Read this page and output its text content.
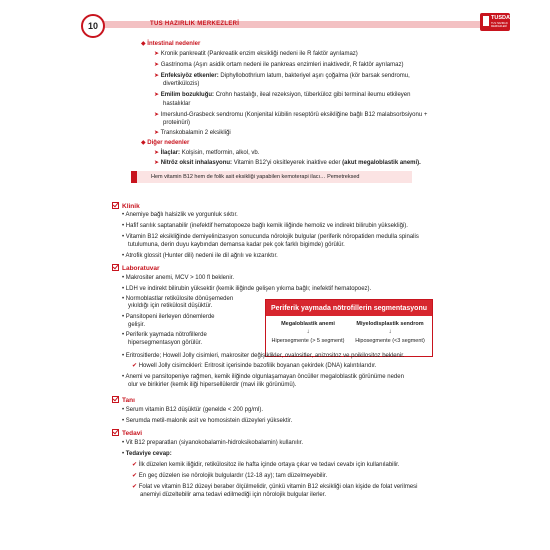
10	TUS HAZIRLIK MERKEZLERİ
TUSDATA
TUS HAZIRLIK MERKEZLERİ
◆ İntestinal nedenler
➤ Kronik pankreatit (Pankreatik enzim eksikliği nedeni ile R faktör ayrılamaz)
➤ Gastrinoma (Aşırı asidik ortam nedeni ile pankreas enzimleri inaktivedir, R faktör ayrılamaz)
➤ Enfeksiyöz etkenler: Diphyllobothrium latum, bakteriyel aşırı çoğalma (kör barsak sendromu,
divertikülozis)
➤ Emilim bozukluğu: Crohn hastalığı, ileal rezeksiyon, tüberküloz gibi terminal ileumu etkileyen
hastalıklar
➤ Imerslund-Grasbeck sendromu (Konjenital kübilin reseptörü eksikliğine bağlı B12 malabsorbsiyonu +
proteinüri)
➤ Transkobalamin 2 eksikliği
◆ Diğer nedenler
➤ İlaçlar: Kolşisin, metformin, alkol, vb.
➤ Nitröz oksit inhalasyonu: Vitamin B12'yi oksitleyerek inaktive eder (akut megaloblastik anemi).
Hem vitamin B12 hem de folik asit eksikliği yapabilen kemoterapi ilacı… Pemetreksed
Klinik
• Anemiye bağlı halsizlik ve yorgunluk sıktır.
• Hafif sarılık saptanabilir (inefektif hematopoeze bağlı kemik iliğinde hemoliz ve indirekt bilirubin yüksekliği).
• Vitamin B12 eksikliğinde demiyelinizasyon sonucunda nörolojik bulgular (periferik nöropatiden medulla spinalis
tutulumuna, derin duyu kaybından demansa kadar pek çok farklı bigimde) görülür.
• Atrofik glossit (Hunter dili) nedeni ile dil ağrılı ve kızarıktır.
Laboratuvar
• Makrositer anemi, MCV > 100 fl beklenir.
• LDH ve indirekt bilirubin yüksektir (kemik iliğinde gelişen yıkıma bağlı; inefektif hematopoez).
• Normoblastlar retikülosite dönüşemeden
yıkıldığı için retikülosit düşüktür.
• Pansitopeni ilerleyen dönemlerde
gelişir.
• Periferik yaymada nötrofillerde
hipersegmentasyon görülür.
Periferik yaymada nötrofillerin segmentasyonu
Megaloblastik anemi
↓
Hipersegmente (> 5 segment)
Miyelodisplastik sendrom
↓
Hiposegmente (<3 segment)
• Eritrositlerde; Howell Jolly cisimleri, makrositer değişiklikler, ovalositler, anizositoz ve poikilositoz beklenir.
✔ Howell Jolly cisimcikleri: Eritrosit içerisinde bazofilik boyanan çekirdek (DNA) kalıntılarıdır.
• Anemi ve pansitopeniye rağmen, kemik iliğinde olgunlaşamayan öncüller megaloblastik görünüme neden
olur ve birikirler (kemik iliği hipersellülerdir (mavi ilik görünümü).
Tanı
• Serum vitamin B12 düşüktür (genelde < 200 pg/ml).
• Serumda metil-malonik asit ve homosistein düzeyleri yüksektir.
Tedavi
• Vit B12 preparatları (siyanokobalamin-hidroksikobalamin) kullanılır.
• Tedaviye cevap:
✔ İlk düzelen kemik iliğidir, retikülositoz ile hafta içinde ortaya çıkar ve tedavi cevabı için kullanılabilir.
✔ En geç düzelen ise nörolojik bulgulardır (12-18 ay); tam düzelmeyebilir.
✔ Folat ve vitamin B12 düzeyi beraber ölçülmelidir, çünkü vitamin B12 eksikliği olan kişide de folat verilmesi
anemiyi düzeltebilir ama tedavi edilmediği için nörolojik bulgular ilerler.
